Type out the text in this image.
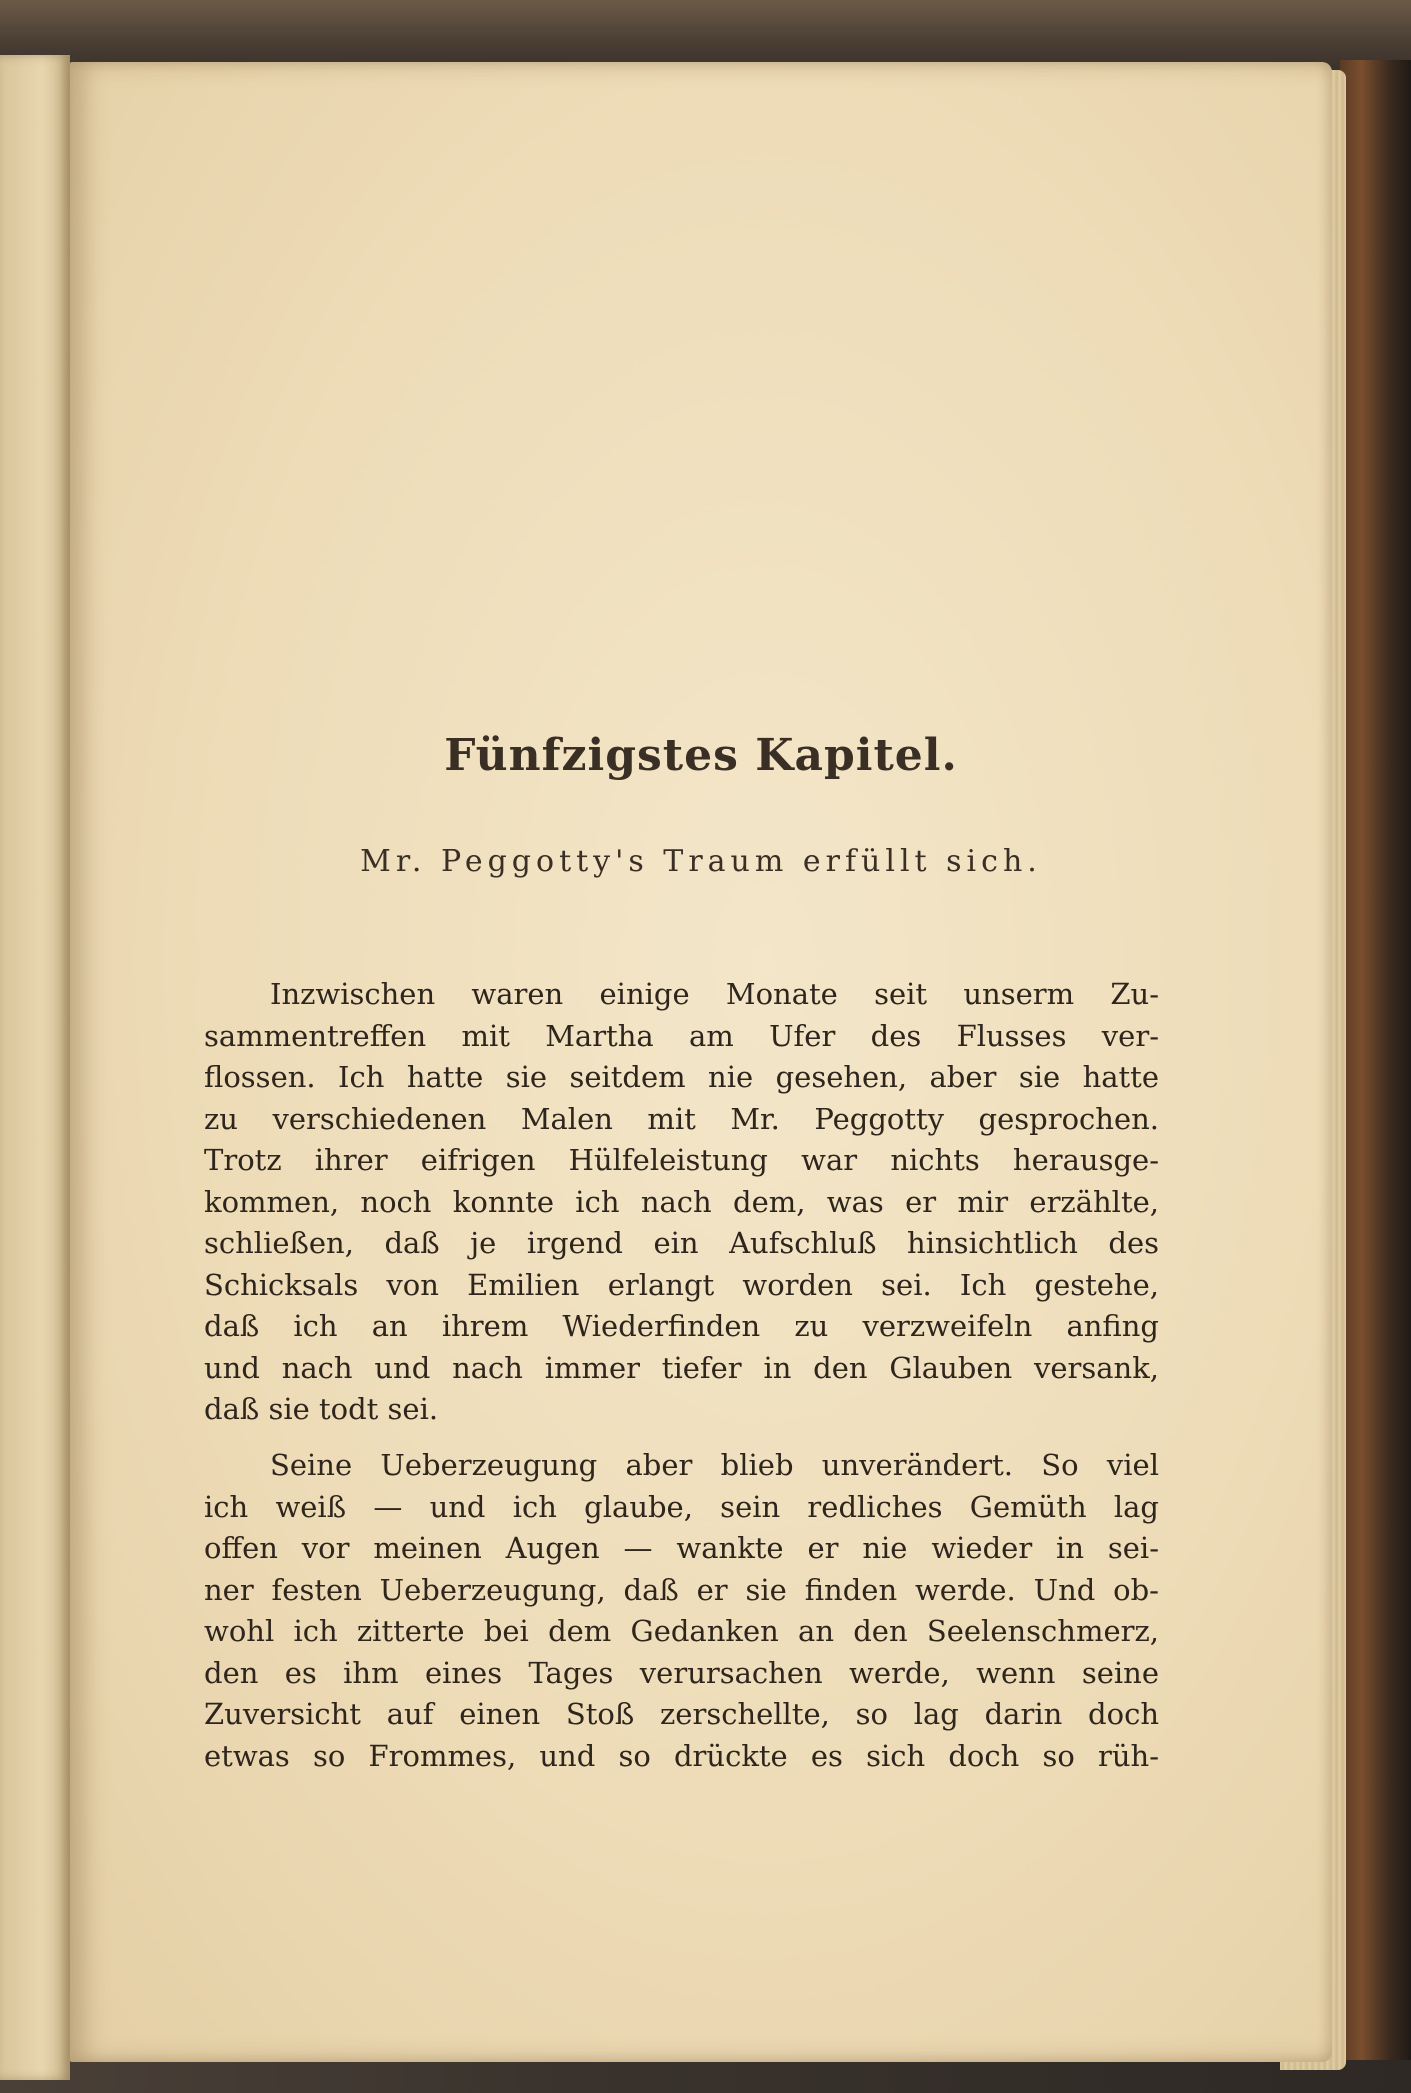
Fünfzigstes Kapitel.
Mr. Peggotty's Traum erfüllt sich.
Inzwischen waren einige Monate seit unserm Zu-
sammentreffen mit Martha am Ufer des Flusses ver-
flossen. Ich hatte sie seitdem nie gesehen, aber sie hatte
zu verschiedenen Malen mit Mr. Peggotty gesprochen.
Trotz ihrer eifrigen Hülfeleistung war nichts herausge-
kommen, noch konnte ich nach dem, was er mir erzählte,
schließen, daß je irgend ein Aufschluß hinsichtlich des
Schicksals von Emilien erlangt worden sei. Ich gestehe,
daß ich an ihrem Wiederfinden zu verzweifeln anfing
und nach und nach immer tiefer in den Glauben versank,
daß sie todt sei.
Seine Ueberzeugung aber blieb unverändert. So viel
ich weiß — und ich glaube, sein redliches Gemüth lag
offen vor meinen Augen — wankte er nie wieder in sei-
ner festen Ueberzeugung, daß er sie finden werde. Und ob-
wohl ich zitterte bei dem Gedanken an den Seelenschmerz,
den es ihm eines Tages verursachen werde, wenn seine
Zuversicht auf einen Stoß zerschellte, so lag darin doch
etwas so Frommes, und so drückte es sich doch so rüh-
